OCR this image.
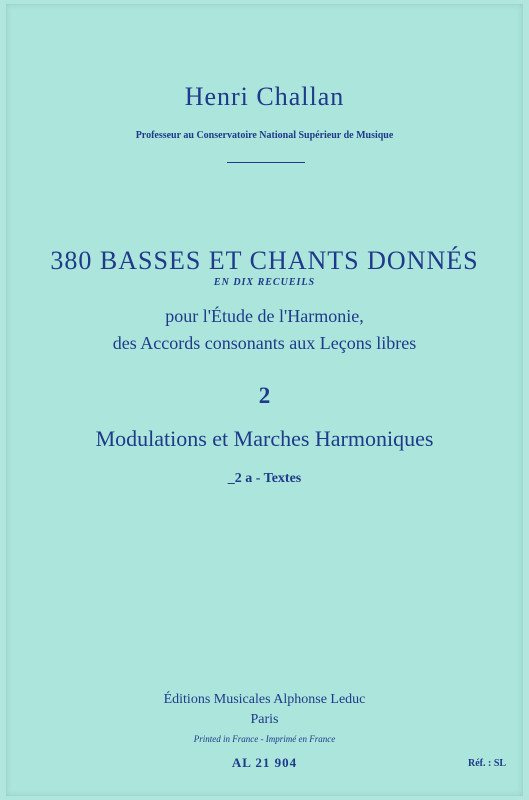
Henri Challan
Professeur au Conservatoire National Supérieur de Musique
380 BASSES ET CHANTS DONNÉS
EN DIX RECUEILS
pour l'Étude de l'Harmonie,
des Accords consonants aux Leçons libres
2
Modulations et Marches Harmoniques
_2 a - Textes
Éditions Musicales Alphonse Leduc
Paris
Printed in France - Imprimé en France
AL 21 904	Réf. : SL
